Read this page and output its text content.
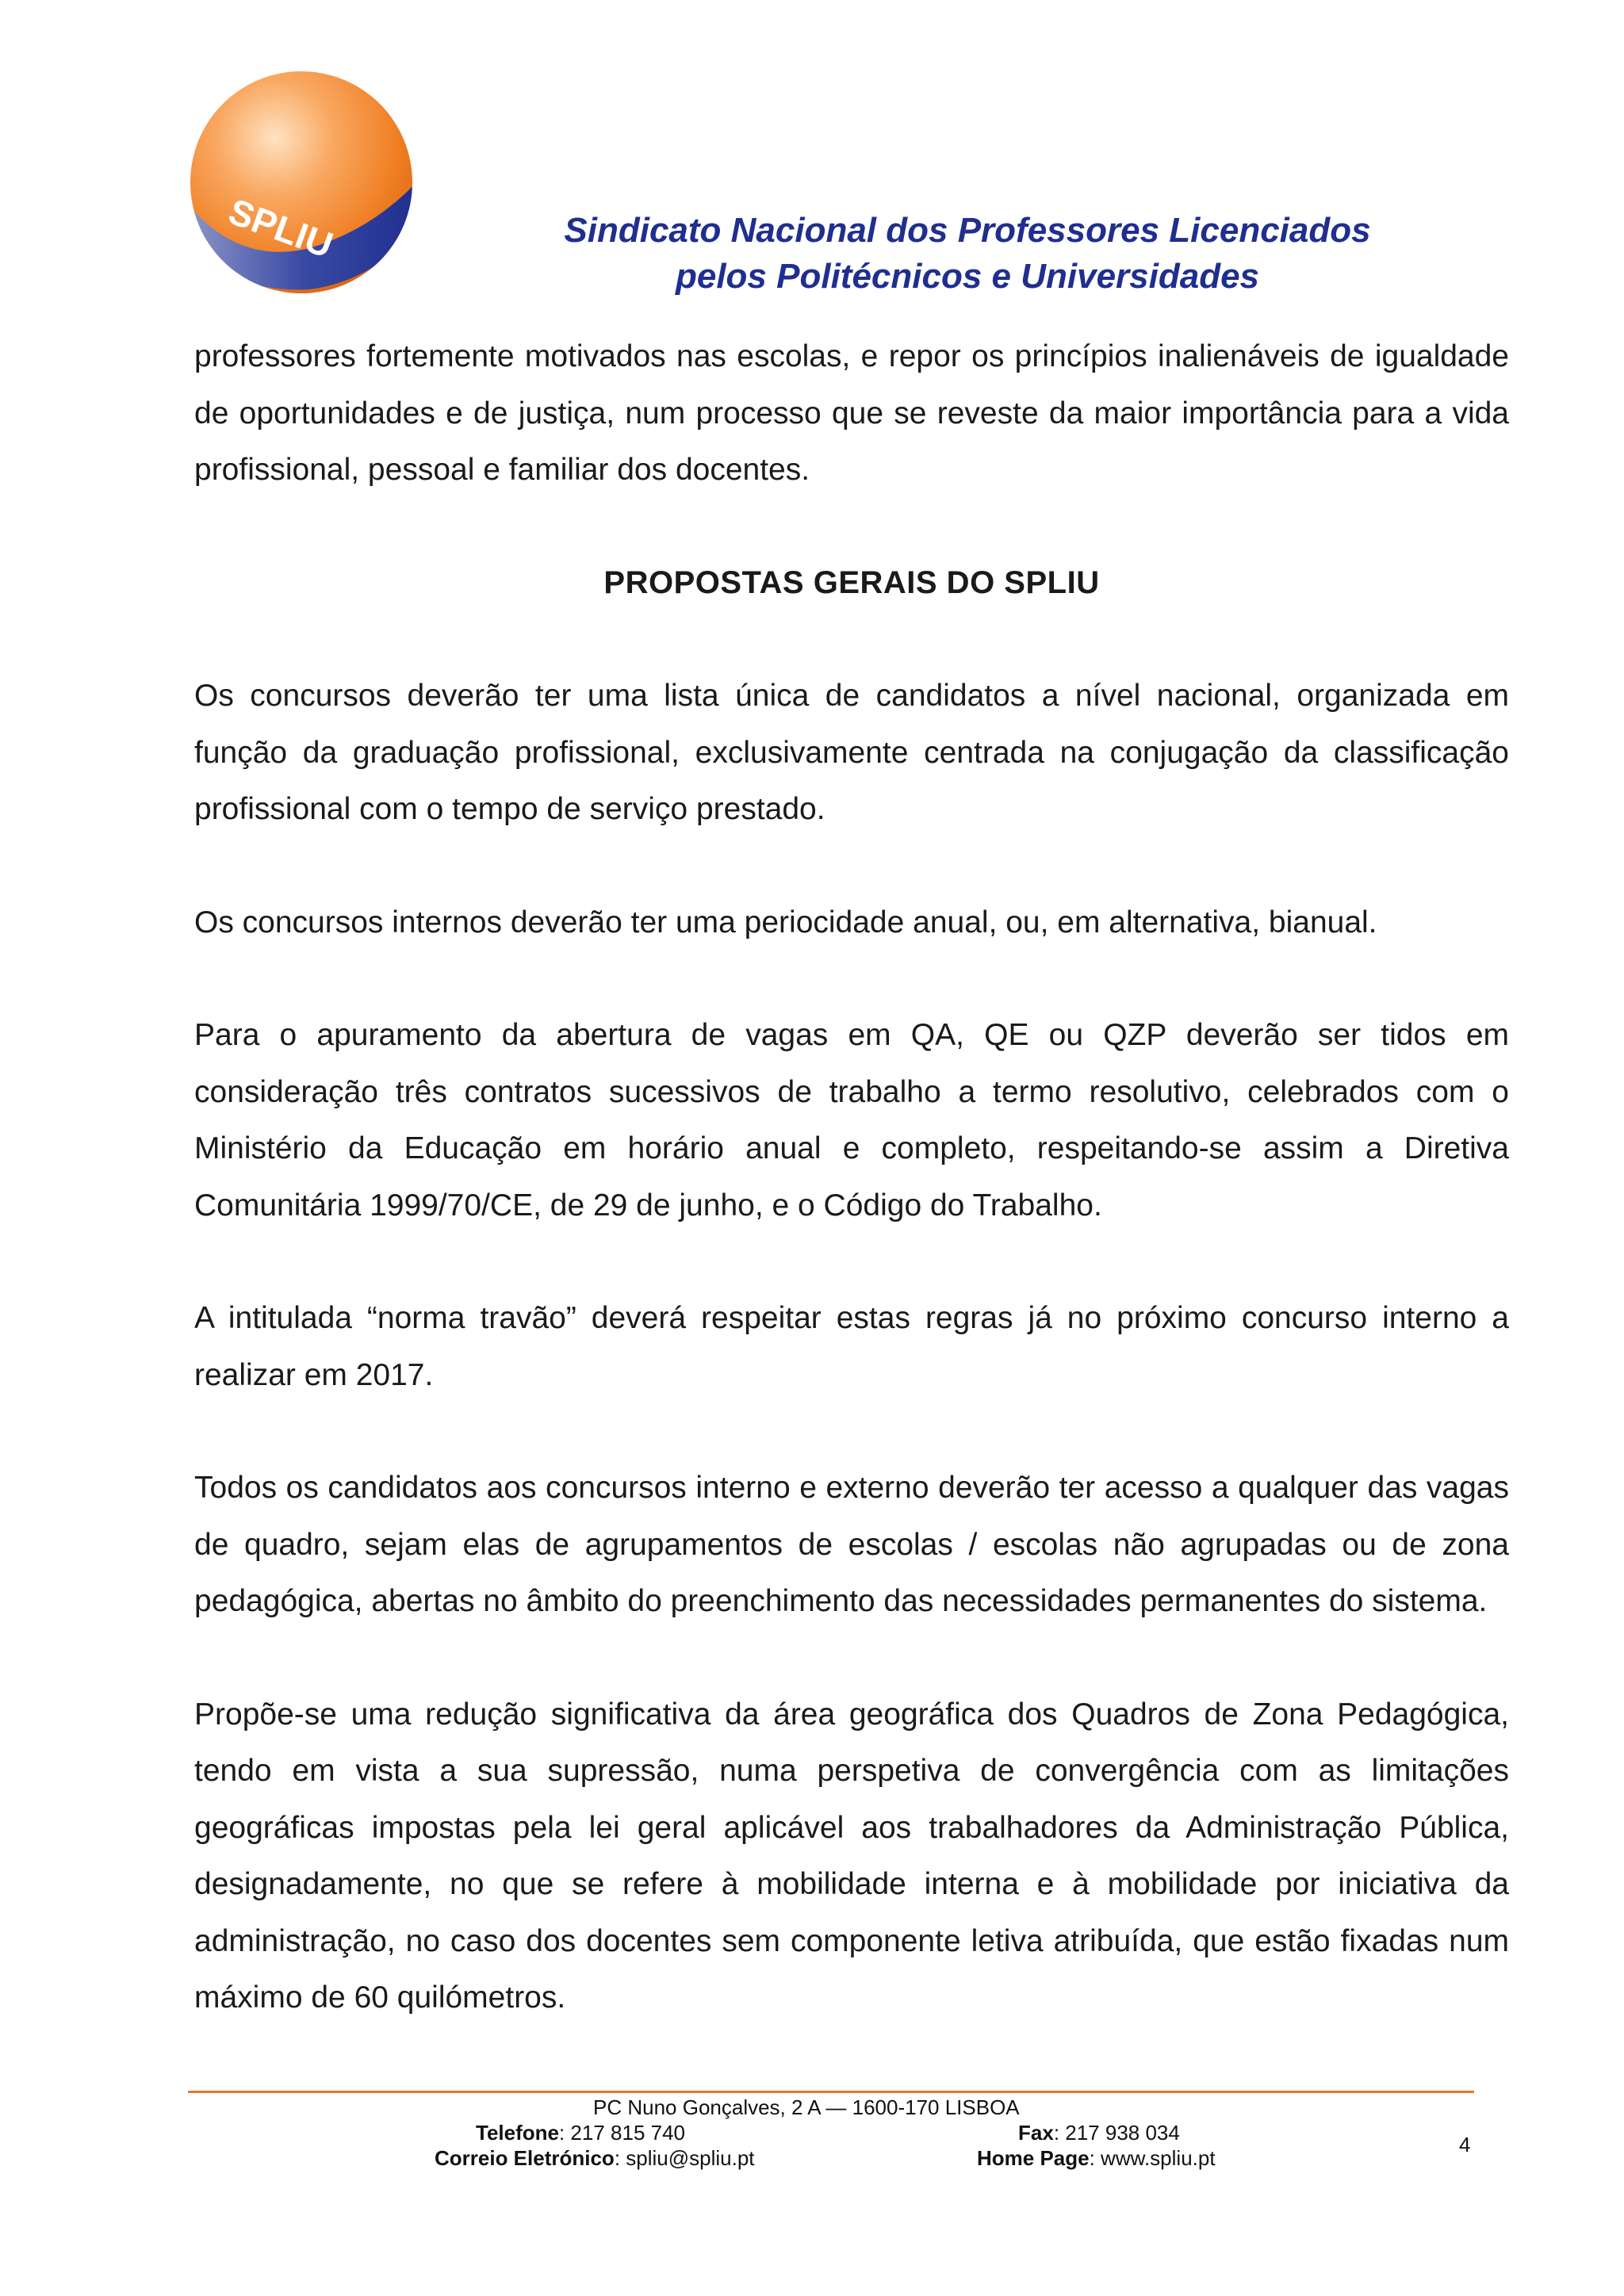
SPLIU	Sindicato Nacional dos Professores Licenciados
pelos Politécnicos e Universidades

professores fortemente motivados nas escolas, e repor os princípios inalienáveis de igualdade de oportunidades e de justiça, num processo que se reveste da maior importância para a vida profissional, pessoal e familiar dos docentes.

PROPOSTAS GERAIS DO SPLIU

Os concursos deverão ter uma lista única de candidatos a nível nacional, organizada em função da graduação profissional, exclusivamente centrada na conjugação da classificação profissional com o tempo de serviço prestado.

Os concursos internos deverão ter uma periocidade anual, ou, em alternativa, bianual.

Para o apuramento da abertura de vagas em QA, QE ou QZP deverão ser tidos em consideração três contratos sucessivos de trabalho a termo resolutivo, celebrados com o Ministério da Educação em horário anual e completo, respeitando-se assim a Diretiva Comunitária 1999/70/CE, de 29 de junho, e o Código do Trabalho.

A intitulada “norma travão” deverá respeitar estas regras já no próximo concurso interno a realizar em 2017.

Todos os candidatos aos concursos interno e externo deverão ter acesso a qualquer das vagas de quadro, sejam elas de agrupamentos de escolas / escolas não agrupadas ou de zona pedagógica, abertas no âmbito do preenchimento das necessidades permanentes do sistema.

Propõe-se uma redução significativa da área geográfica dos Quadros de Zona Pedagógica, tendo em vista a sua supressão, numa perspetiva de convergência com as limitações geográficas impostas pela lei geral aplicável aos trabalhadores da Administração Pública, designadamente, no que se refere à mobilidade interna e à mobilidade por iniciativa da administração, no caso dos docentes sem componente letiva atribuída, que estão fixadas num máximo de 60 quilómetros.

PC Nuno Gonçalves, 2 A — 1600-170 LISBOA
Telefone: 217 815 740	Fax: 217 938 034
Correio Eletrónico: spliu@spliu.pt	Home Page: www.spliu.pt
4
